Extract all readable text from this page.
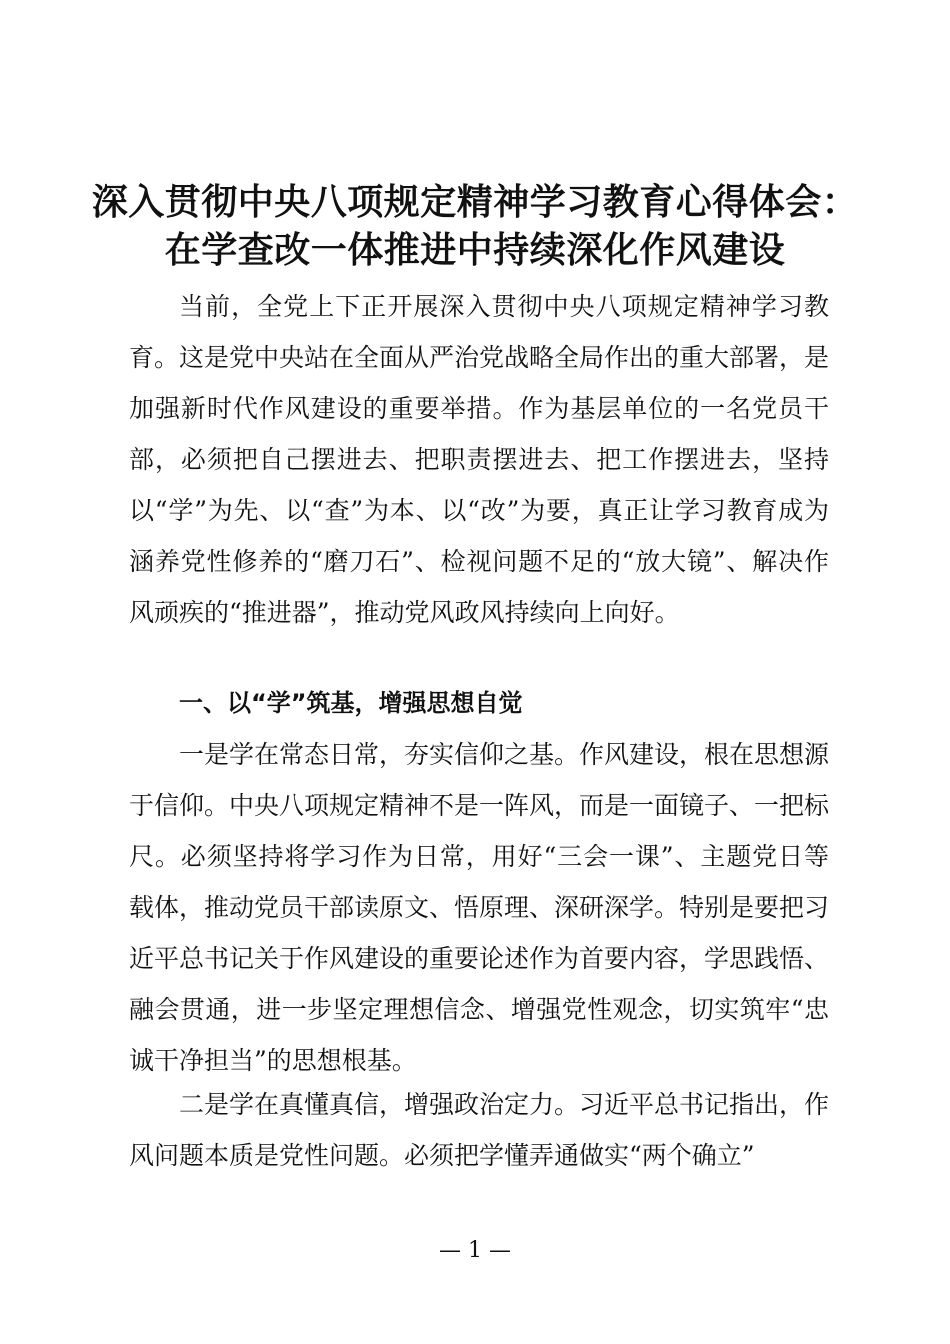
深入贯彻中央八项规定精神学习教育心得体会：
在学查改一体推进中持续深化作风建设

当前，全党上下正开展深入贯彻中央八项规定精神学习教育。这是党中央站在全面从严治党战略全局作出的重大部署，是加强新时代作风建设的重要举措。作为基层单位的一名党员干部，必须把自己摆进去、把职责摆进去、把工作摆进去，坚持以“学”为先、以“查”为本、以“改”为要，真正让学习教育成为涵养党性修养的“磨刀石”、检视问题不足的“放大镜”、解决作风顽疾的“推进器”，推动党风政风持续向上向好。

一、以“学”筑基，增强思想自觉

一是学在常态日常，夯实信仰之基。作风建设，根在思想源于信仰。中央八项规定精神不是一阵风，而是一面镜子、一把标尺。必须坚持将学习作为日常，用好“三会一课”、主题党日等载体，推动党员干部读原文、悟原理、深研深学。特别是要把习近平总书记关于作风建设的重要论述作为首要内容，学思践悟、融会贯通，进一步坚定理想信念、增强党性观念，切实筑牢“忠诚干净担当”的思想根基。

二是学在真懂真信，增强政治定力。习近平总书记指出，作风问题本质是党性问题。必须把学懂弄通做实“两个确立”

— 1 —
